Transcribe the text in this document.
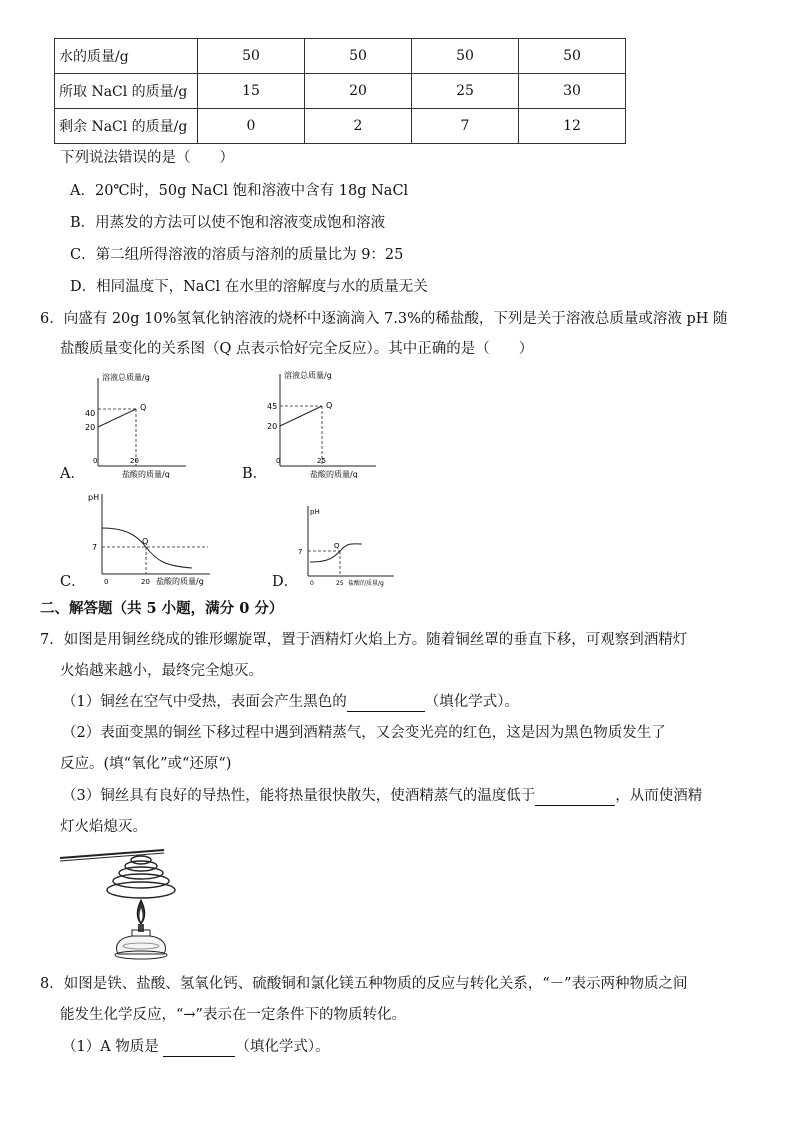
水的质量/g	50	50	50	50
所取 NaCl 的质量/g	15	20	25	30
剩余 NaCl 的质量/g	0	2	7	12
下列说法错误的是（　　）
A．20℃时，50g NaCl 饱和溶液中含有 18g NaCl
B．用蒸发的方法可以使不饱和溶液变成饱和溶液
C．第二组所得溶液的溶质与溶剂的质量比为 9：25
D．相同温度下，NaCl 在水里的溶解度与水的质量无关
6．向盛有 20g 10%氢氧化钠溶液的烧杯中逐滴滴入 7.3%的稀盐酸，下列是关于溶液总质量或溶液 pH 随
盐酸质量变化的关系图（Q 点表示恰好完全反应）。其中正确的是（　　）
A．
溶液总质量/g
40
20
Q
0	20
盐酸的质量/g	B．
溶液总质量/g
45
20
Q
0	25
盐酸的质量/g
C．
pH
7
Q
0	20 盐酸的质量/g	D．
pH
7
Q
0	25 盐酸的质量/g
二、解答题（共 5 小题，满分 0 分）
7．如图是用铜丝绕成的锥形螺旋罩，置于酒精灯火焰上方。随着铜丝罩的垂直下移，可观察到酒精灯
火焰越来越小，最终完全熄灭。
（1）铜丝在空气中受热，表面会产生黑色的	（填化学式）。
（2）表面变黑的铜丝下移过程中遇到酒精蒸气，又会变光亮的红色，这是因为黑色物质发生了
反应。(填“氧化”或“还原“)
（3）铜丝具有良好的导热性，能将热量很快散失，使酒精蒸气的温度低于	，从而使酒精
灯火焰熄灭。
8．如图是铁、盐酸、氢氧化钙、硫酸铜和氯化镁五种物质的反应与转化关系，“－”表示两种物质之间
能发生化学反应，“→”表示在一定条件下的物质转化。
（1）A 物质是	（填化学式）。
